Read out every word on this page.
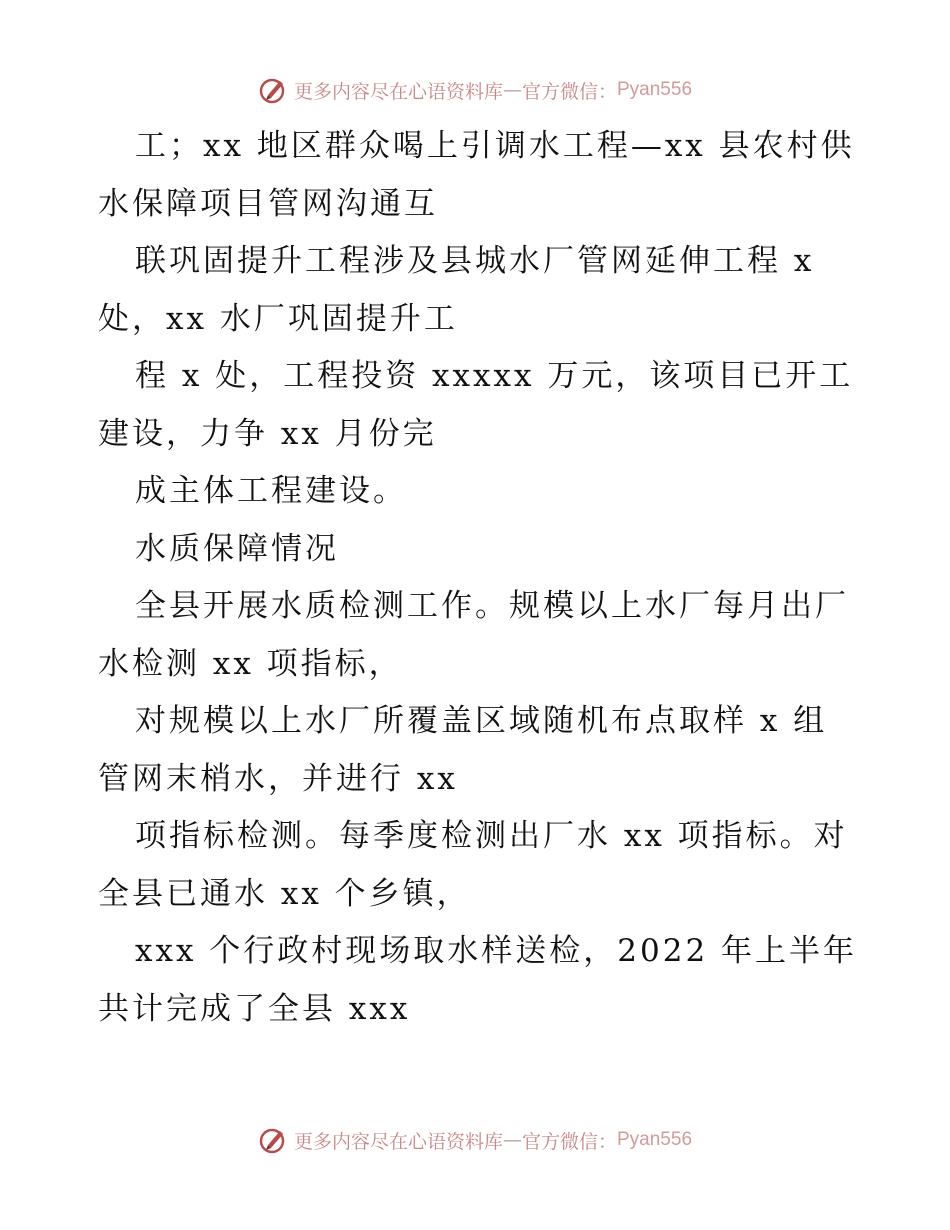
更多内容尽在心语资料库 — 官方微信： Pyan556
工；xx 地区群众喝上引调水工程—xx 县农村供
水保障项目管网沟通互
联巩固提升工程涉及县城水厂管网延伸工程 x
处，xx 水厂巩固提升工
程 x 处，工程投资 xxxxx 万元，该项目已开工
建设，力争 xx 月份完
成主体工程建设。
水质保障情况
全县开展水质检测工作。规模以上水厂每月出厂
水检测 xx 项指标，
对规模以上水厂所覆盖区域随机布点取样 x 组
管网末梢水，并进行 xx
项指标检测。每季度检测出厂水 xx 项指标。对
全县已通水 xx 个乡镇，
xxx 个行政村现场取水样送检，2022 年上半年
共计完成了全县 xxx
更多内容尽在心语资料库 — 官方微信： Pyan556
